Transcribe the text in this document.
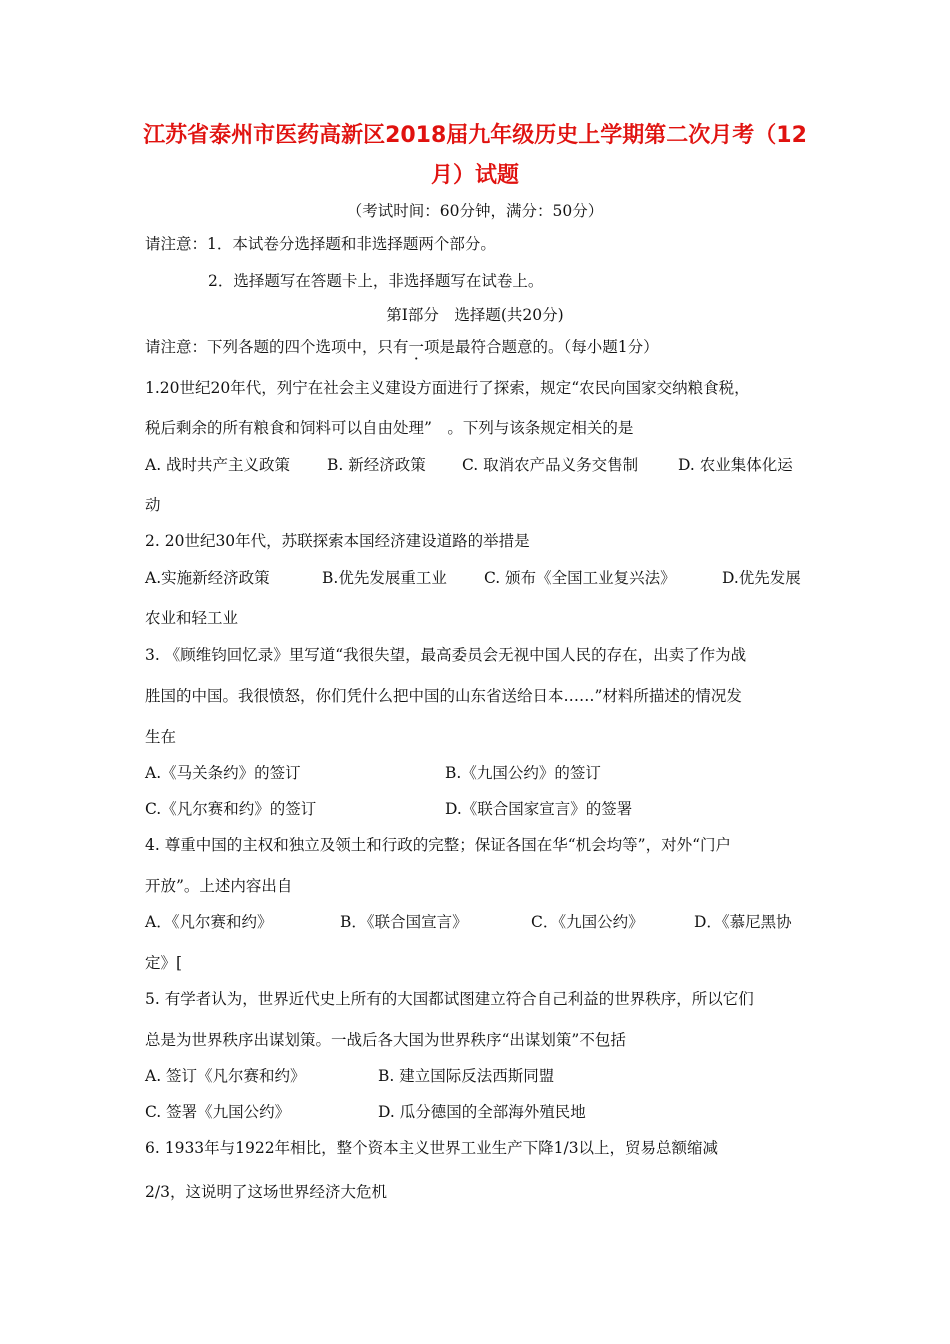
江苏省泰州市医药高新区2018届九年级历史上学期第二次月考（12
月）试题
（考试时间：60分钟，满分：50分）
请注意：1．本试卷分选择题和非选择题两个部分。
2．选择题写在答题卡上，非选择题写在试卷上。
第Ⅰ部分　选择题(共20分)
请注意：下列各题的四个选项中，只有一项是最符合题意的。（每小题1分）
1.20世纪20年代，列宁在社会主义建设方面进行了探索，规定“农民向国家交纳粮食税，
税后剩余的所有粮食和饲料可以自由处理”　。下列与该条规定相关的是
A. 战时共产主义政策 B. 新经济政策 C. 取消农产品义务交售制	D. 农业集体化运
动
2. 20世纪30年代，苏联探索本国经济建设道路的举措是
A.实施新经济政策	B.优先发展重工业 C. 颁布《全国工业复兴法》	D.优先发展
农业和轻工业
3. 《顾维钧回忆录》里写道“我很失望，最高委员会无视中国人民的存在，出卖了作为战
胜国的中国。我很愤怒，你们凭什么把中国的山东省送给日本……”材料所描述的情况发
生在
A.《马关条约》的签订	B.《九国公约》的签订
C.《凡尔赛和约》的签订	D.《联合国家宣言》的签署
4. 尊重中国的主权和独立及领土和行政的完整；保证各国在华“机会均等”，对外“门户
开放”。上述内容出自
A．《凡尔赛和约》	B．《联合国宣言》	C．《九国公约》	D．《慕尼黑协
定》[
5. 有学者认为，世界近代史上所有的大国都试图建立符合自己利益的世界秩序，所以它们
总是为世界秩序出谋划策。一战后各大国为世界秩序“出谋划策”不包括
A. 签订《凡尔赛和约》	B. 建立国际反法西斯同盟
C. 签署《九国公约》	D. 瓜分德国的全部海外殖民地
6. 1933年与1922年相比，整个资本主义世界工业生产下降1/3以上，贸易总额缩减
2/3，这说明了这场世界经济大危机
